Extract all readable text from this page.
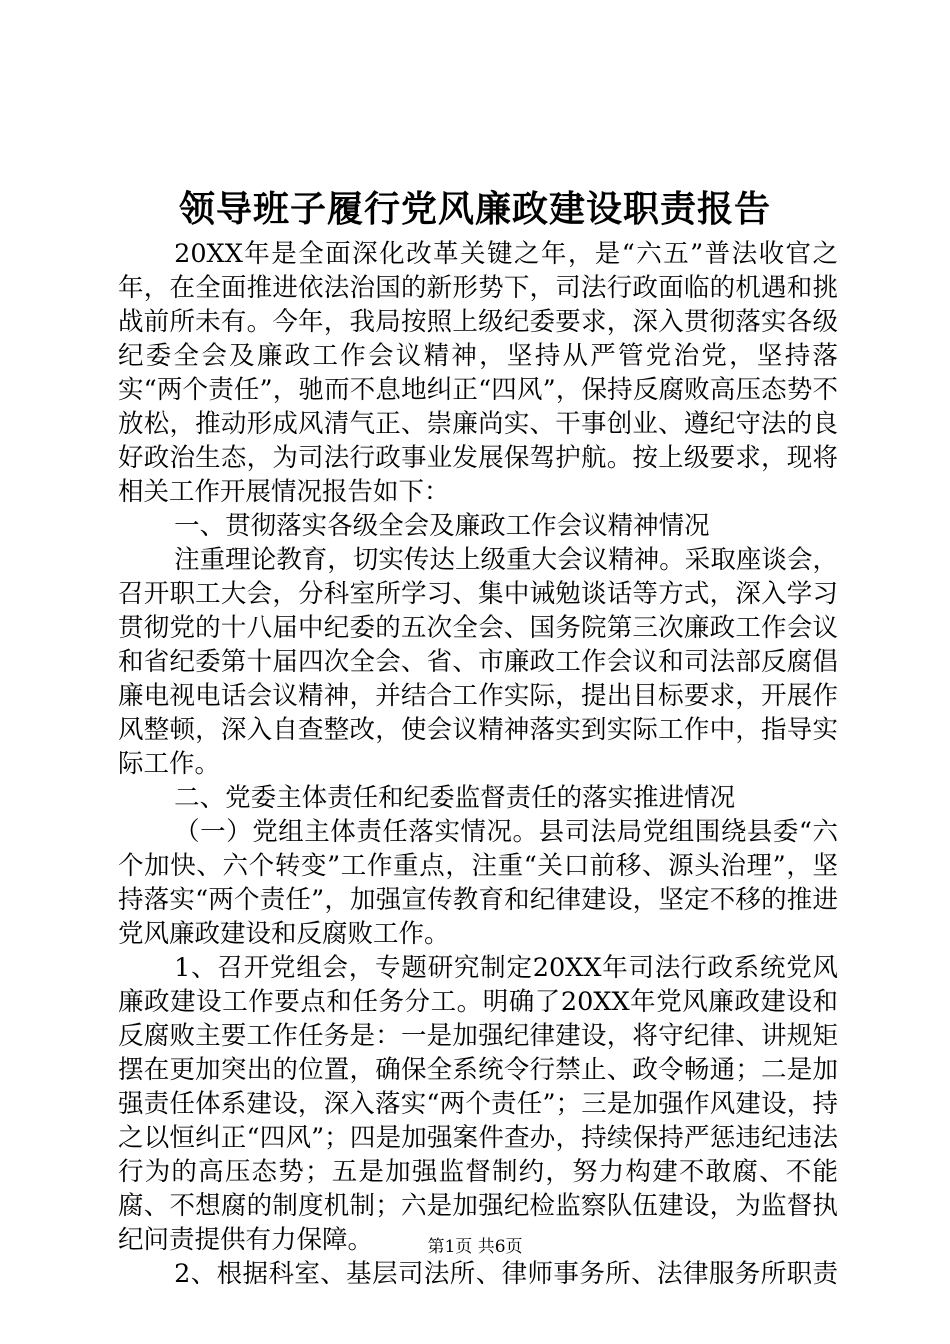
领导班子履行党风廉政建设职责报告

20XX年是全面深化改革关键之年，是“六五”普法收官之年，在全面推进依法治国的新形势下，司法行政面临的机遇和挑战前所未有。今年，我局按照上级纪委要求，深入贯彻落实各级纪委全会及廉政工作会议精神，坚持从严管党治党，坚持落实“两个责任”，驰而不息地纠正“四风”，保持反腐败高压态势不放松，推动形成风清气正、崇廉尚实、干事创业、遵纪守法的良好政治生态，为司法行政事业发展保驾护航。按上级要求，现将相关工作开展情况报告如下：

一、贯彻落实各级全会及廉政工作会议精神情况

注重理论教育，切实传达上级重大会议精神。采取座谈会，召开职工大会，分科室所学习、集中诫勉谈话等方式，深入学习贯彻党的十八届中纪委的五次全会、国务院第三次廉政工作会议和省纪委第十届四次全会、省、市廉政工作会议和司法部反腐倡廉电视电话会议精神，并结合工作实际，提出目标要求，开展作风整顿，深入自查整改，使会议精神落实到实际工作中，指导实际工作。

二、党委主体责任和纪委监督责任的落实推进情况

（一）党组主体责任落实情况。县司法局党组围绕县委“六个加快、六个转变”工作重点，注重“关口前移、源头治理”，坚持落实“两个责任”，加强宣传教育和纪律建设，坚定不移的推进党风廉政建设和反腐败工作。

1、召开党组会，专题研究制定20XX年司法行政系统党风廉政建设工作要点和任务分工。明确了20XX年党风廉政建设和反腐败主要工作任务是：一是加强纪律建设，将守纪律、讲规矩摆在更加突出的位置，确保全系统令行禁止、政令畅通；二是加强责任体系建设，深入落实“两个责任”；三是加强作风建设，持之以恒纠正“四风”；四是加强案件查办，持续保持严惩违纪违法行为的高压态势；五是加强监督制约，努力构建不敢腐、不能腐、不想腐的制度机制；六是加强纪检监察队伍建设，为监督执纪问责提供有力保障。

2、根据科室、基层司法所、律师事务所、法律服务所职责

第1页 共6页
